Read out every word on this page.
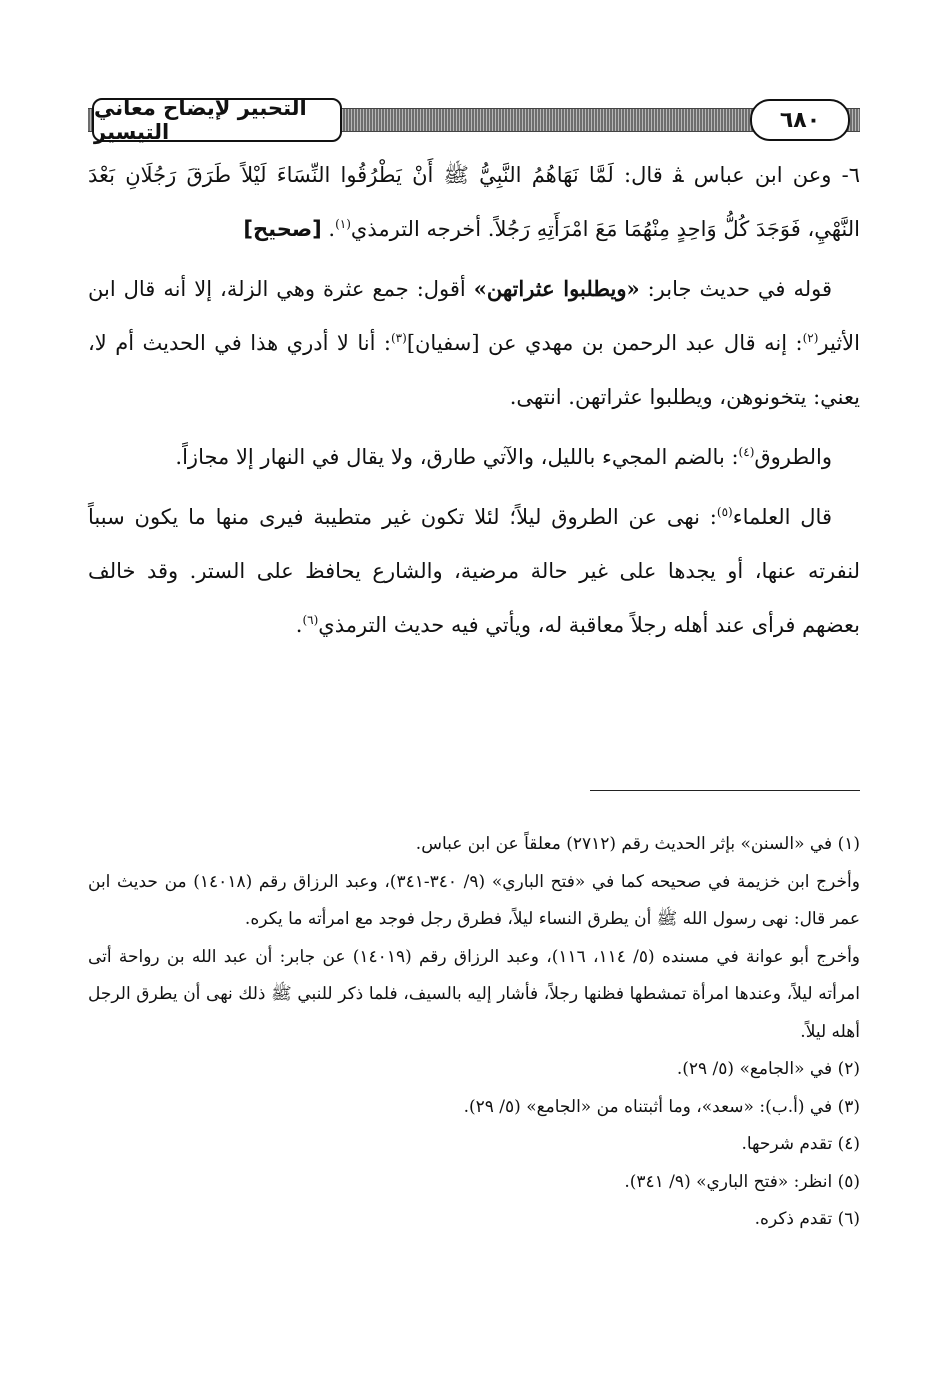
التحبير لإيضاح معاني التيسير	٦٨٠

٦- وعن ابن عباس ﭭ قال: لَمَّا نَهَاهُمُ النَّبِيُّ ﷺ أَنْ يَطْرُقُوا النِّسَاءَ لَيْلاً طَرَقَ رَجُلَانِ بَعْدَ النَّهْيِ، فَوَجَدَ كُلُّ وَاحِدٍ مِنْهُمَا مَعَ امْرَأَتِهِ رَجُلاً. أخرجه الترمذي$^{(١)}$. [صحيح]

قوله في حديث جابر: «ويطلبوا عثراتهن» أقول: جمع عثرة وهي الزلة، إلا أنه قال ابن الأثير$^{(٢)}$: إنه قال عبد الرحمن بن مهدي عن [سفيان]$^{(٣)}$: أنا لا أدري هذا في الحديث أم لا، يعني: يتخونوهن، ويطلبوا عثراتهن. انتهى.

والطروق$^{(٤)}$: بالضم المجيء بالليل، والآتي طارق، ولا يقال في النهار إلا مجازاً.

قال العلماء$^{(٥)}$: نهى عن الطروق ليلاً؛ لئلا تكون غير متطيبة فيرى منها ما يكون سبباً لنفرته عنها، أو يجدها على غير حالة مرضية، والشارع يحافظ على الستر. وقد خالف بعضهم فرأى عند أهله رجلاً معاقبة له، ويأتي فيه حديث الترمذي$^{(٦)}$.

(١) في «السنن» بإثر الحديث رقم (٢٧١٢) معلقاً عن ابن عباس.

وأخرج ابن خزيمة في صحيحه كما في «فتح الباري» (٩/ ٣٤٠-٣٤١)، وعبد الرزاق رقم (١٤٠١٨) من حديث ابن عمر قال: نهى رسول الله ﷺ أن يطرق النساء ليلاً، فطرق رجل فوجد مع امرأته ما يكره.

وأخرج أبو عوانة في مسنده (٥/ ١١٤، ١١٦)، وعبد الرزاق رقم (١٤٠١٩) عن جابر: أن عبد الله بن رواحة أتى امرأته ليلاً، وعندها امرأة تمشطها فظنها رجلاً، فأشار إليه بالسيف، فلما ذكر للنبي ﷺ ذلك نهى أن يطرق الرجل أهله ليلاً.

(٢) في «الجامع» (٥/ ٢٩).

(٣) في (أ.ب): «سعد»، وما أثبتناه من «الجامع» (٥/ ٢٩).

(٤) تقدم شرحها.

(٥) انظر: «فتح الباري» (٩/ ٣٤١).

(٦) تقدم ذكره.
